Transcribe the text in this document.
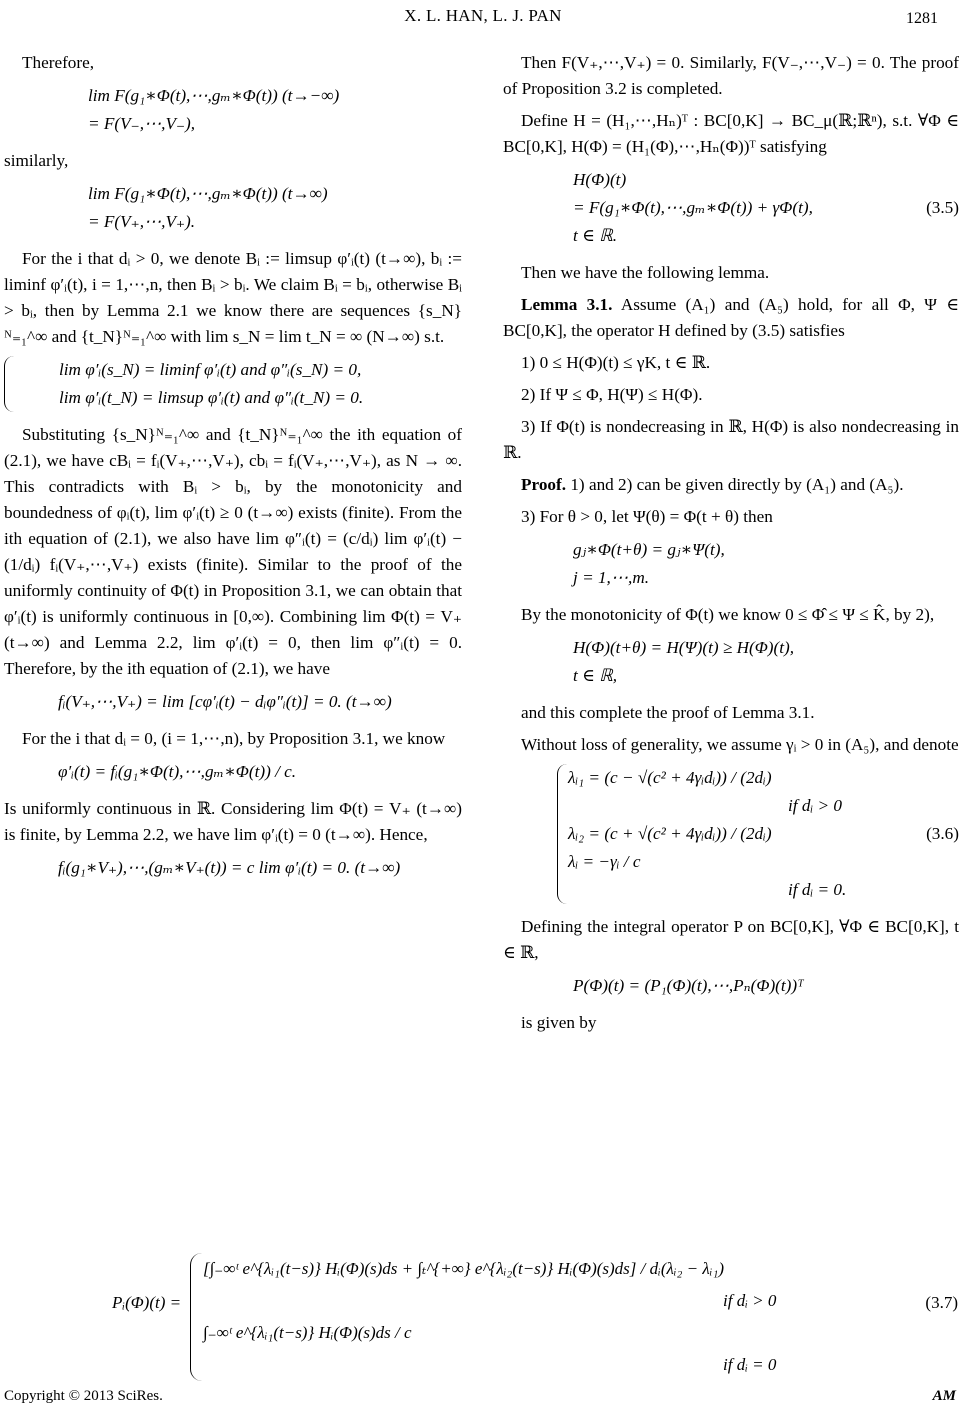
X. L. HAN, L. J. PAN	1281

Therefore,

lim F(g₁∗Φ(t),⋯,gₘ∗Φ(t)) (t→−∞)
= F(V₋,⋯,V₋),

similarly,

lim F(g₁∗Φ(t),⋯,gₘ∗Φ(t)) (t→∞)
= F(V₊,⋯,V₊).

For the i that dᵢ > 0, we denote Bᵢ := limsup φ′ᵢ(t) (t→∞), bᵢ := liminf φ′ᵢ(t), i = 1,⋯,n, then Bᵢ > bᵢ. We claim Bᵢ = bᵢ, otherwise Bᵢ > bᵢ, then by Lemma 2.1 we know there are sequences {s_N}ᴺ₌₁^∞ and {t_N}ᴺ₌₁^∞ with lim s_N = lim t_N = ∞ (N→∞) s.t.

lim φ′ᵢ(s_N) = liminf φ′ᵢ(t) and φ″ᵢ(s_N) = 0,
lim φ′ᵢ(t_N) = limsup φ′ᵢ(t) and φ″ᵢ(t_N) = 0.

Substituting {s_N}ᴺ₌₁^∞ and {t_N}ᴺ₌₁^∞ the ith equation of (2.1), we have cBᵢ = fᵢ(V₊,⋯,V₊), cbᵢ = fᵢ(V₊,⋯,V₊), as N → ∞. This contradicts with Bᵢ > bᵢ, by the monotonicity and boundedness of φᵢ(t), lim φ′ᵢ(t) ≥ 0 (t→∞) exists (finite). From the ith equation of (2.1), we also have lim φ″ᵢ(t) = (c/dᵢ) lim φ′ᵢ(t) − (1/dᵢ) fᵢ(V₊,⋯,V₊) exists (finite). Similar to the proof of the uniformly continuity of Φ(t) in Proposition 3.1, we can obtain that φ′ᵢ(t) is uniformly continuous in [0,∞). Combining lim Φ(t) = V₊ (t→∞) and Lemma 2.2, lim φ′ᵢ(t) = 0, then lim φ″ᵢ(t) = 0. Therefore, by the ith equation of (2.1), we have

fᵢ(V₊,⋯,V₊) = lim [cφ′ᵢ(t) − dᵢφ″ᵢ(t)] = 0. (t→∞)

For the i that dᵢ = 0, (i = 1,⋯,n), by Proposition 3.1, we know

φ′ᵢ(t) = fᵢ(g₁∗Φ(t),⋯,gₘ∗Φ(t)) / c.

Is uniformly continuous in ℝ. Considering lim Φ(t) = V₊ (t→∞) is finite, by Lemma 2.2, we have lim φ′ᵢ(t) = 0 (t→∞). Hence,

fᵢ(g₁∗V₊),⋯,(gₘ∗V₊(t)) = c lim φ′ᵢ(t) = 0. (t→∞)

Then F(V₊,⋯,V₊) = 0. Similarly, F(V₋,⋯,V₋) = 0. The proof of Proposition 3.2 is completed.

Define H = (H₁,⋯,Hₙ)ᵀ : BC[0,K] → BC_μ(ℝ;ℝⁿ), s.t. ∀Φ ∈ BC[0,K], H(Φ) = (H₁(Φ),⋯,Hₙ(Φ))ᵀ satisfying

H(Φ)(t)
= F(g₁∗Φ(t),⋯,gₘ∗Φ(t)) + γΦ(t),
t ∈ ℝ.
(3.5)

Then we have the following lemma.

Lemma 3.1. Assume (A₁) and (A₅) hold, for all Φ, Ψ ∈ BC[0,K], the operator H defined by (3.5) satisfies

1) 0 ≤ H(Φ)(t) ≤ γK, t ∈ ℝ.

2) If Ψ ≤ Φ, H(Ψ) ≤ H(Φ).

3) If Φ(t) is nondecreasing in ℝ, H(Φ) is also nondecreasing in ℝ.

Proof. 1) and 2) can be given directly by (A₁) and (A₅).

3) For θ > 0, let Ψ(θ) = Φ(t + θ) then

gⱼ∗Φ(t+θ) = gⱼ∗Ψ(t),
j = 1,⋯,m.

By the monotonicity of Φ(t) we know 0 ≤ Φ̂ ≤ Ψ ≤ K̂, by 2),

H(Φ)(t+θ) = H(Ψ)(t) ≥ H(Φ)(t),
t ∈ ℝ,

and this complete the proof of Lemma 3.1.

Without loss of generality, we assume γᵢ > 0 in (A₅), and denote

λᵢ₁ = (c − √(c² + 4γᵢdᵢ)) / (2dᵢ)
if dᵢ > 0
λᵢ₂ = (c + √(c² + 4γᵢdᵢ)) / (2dᵢ)
λᵢ = −γᵢ / c
if dᵢ = 0.
(3.6)

Defining the integral operator P on BC[0,K], ∀Φ ∈ BC[0,K], t ∈ ℝ,

P(Φ)(t) = (P₁(Φ)(t),⋯,Pₙ(Φ)(t))ᵀ

is given by

Pᵢ(Φ)(t) =
[∫₋∞ᵗ e^{λᵢ₁(t−s)} Hᵢ(Φ)(s)ds + ∫ₜ^{+∞} e^{λᵢ₂(t−s)} Hᵢ(Φ)(s)ds] / dᵢ(λᵢ₂ − λᵢ₁)
if dᵢ > 0
∫₋∞ᵗ e^{λᵢ₁(t−s)} Hᵢ(Φ)(s)ds / c
if dᵢ = 0
(3.7)
Copyright © 2013 SciRes.	AM
